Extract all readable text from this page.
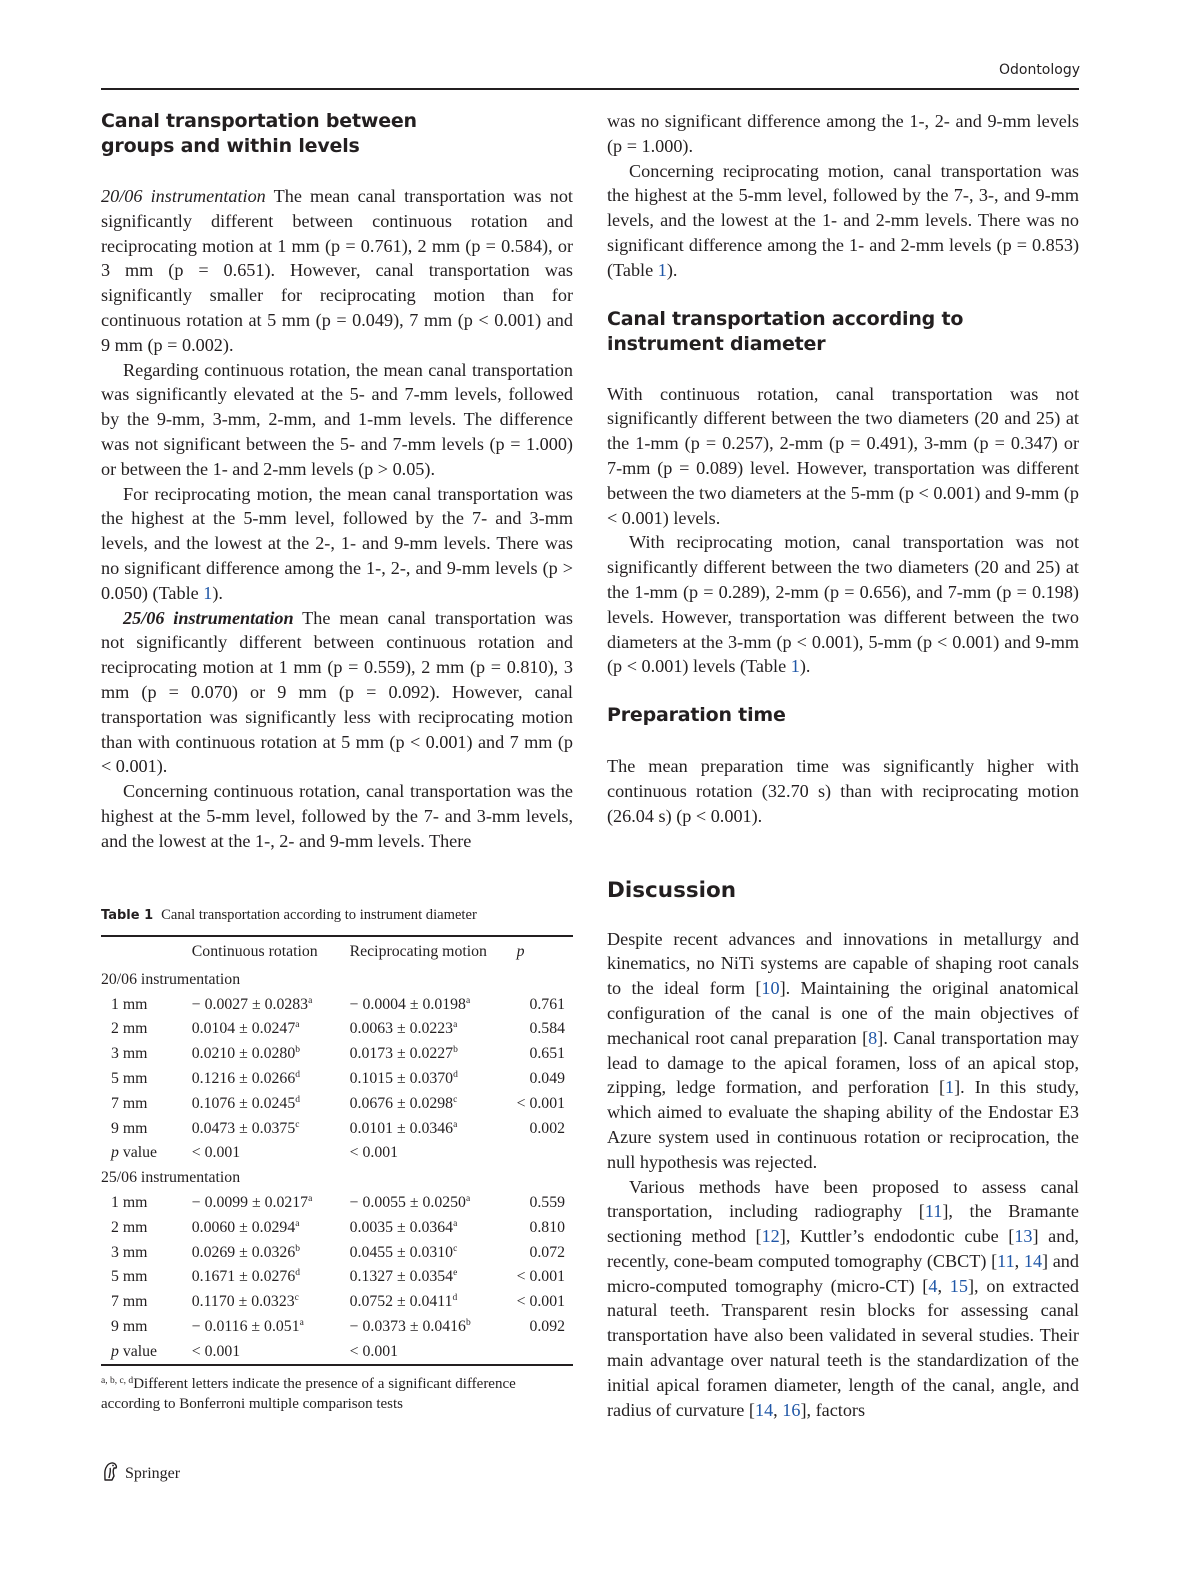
Odontology
Canal transportation between groups and within levels

20/06 instrumentation The mean canal transportation was not significantly different between continuous rotation and reciprocating motion at 1 mm (p = 0.761), 2 mm (p = 0.584), or 3 mm (p = 0.651). However, canal transportation was significantly smaller for reciprocating motion than for continuous rotation at 5 mm (p = 0.049), 7 mm (p < 0.001) and 9 mm (p = 0.002).

Regarding continuous rotation, the mean canal transportation was significantly elevated at the 5- and 7-mm levels, followed by the 9-mm, 3-mm, 2-mm, and 1-mm levels. The difference was not significant between the 5- and 7-mm levels (p = 1.000) or between the 1- and 2-mm levels (p > 0.05).

For reciprocating motion, the mean canal transportation was the highest at the 5-mm level, followed by the 7- and 3-mm levels, and the lowest at the 2-, 1- and 9-mm levels. There was no significant difference among the 1-, 2-, and 9-mm levels (p > 0.050) (Table 1).

25/06 instrumentation The mean canal transportation was not significantly different between continuous rotation and reciprocating motion at 1 mm (p = 0.559), 2 mm (p = 0.810), 3 mm (p = 0.070) or 9 mm (p = 0.092). However, canal transportation was significantly less with reciprocating motion than with continuous rotation at 5 mm (p < 0.001) and 7 mm (p < 0.001).

Concerning continuous rotation, canal transportation was the highest at the 5-mm level, followed by the 7- and 3-mm levels, and the lowest at the 1-, 2- and 9-mm levels. There

Table 1 Canal transportation according to instrument diameter
	Continuous rotation	Reciprocating motion	p
20/06 instrumentation			
1 mm	− 0.0027 ± 0.0283$^a$	− 0.0004 ± 0.0198$^a$	0.761
2 mm	0.0104 ± 0.0247$^a$	0.0063 ± 0.0223$^a$	0.584
3 mm	0.0210 ± 0.0280$^b$	0.0173 ± 0.0227$^b$	0.651
5 mm	0.1216 ± 0.0266$^d$	0.1015 ± 0.0370$^d$	0.049
7 mm	0.1076 ± 0.0245$^d$	0.0676 ± 0.0298$^c$	< 0.001
9 mm	0.0473 ± 0.0375$^c$	0.0101 ± 0.0346$^a$	0.002
p value	< 0.001	< 0.001	
25/06 instrumentation			
1 mm	− 0.0099 ± 0.0217$^a$	− 0.0055 ± 0.0250$^a$	0.559
2 mm	0.0060 ± 0.0294$^a$	0.0035 ± 0.0364$^a$	0.810
3 mm	0.0269 ± 0.0326$^b$	0.0455 ± 0.0310$^c$	0.072
5 mm	0.1671 ± 0.0276$^d$	0.1327 ± 0.0354$^e$	< 0.001
7 mm	0.1170 ± 0.0323$^c$	0.0752 ± 0.0411$^d$	< 0.001
9 mm	− 0.0116 ± 0.051$^a$	− 0.0373 ± 0.0416$^b$	0.092
p value	< 0.001	< 0.001	
$^{a, b, c, d}$Different letters indicate the presence of a significant difference according to Bonferroni multiple comparison tests

was no significant difference among the 1-, 2- and 9-mm levels (p = 1.000).

Concerning reciprocating motion, canal transportation was the highest at the 5-mm level, followed by the 7-, 3-, and 9-mm levels, and the lowest at the 1- and 2-mm levels. There was no significant difference among the 1- and 2-mm levels (p = 0.853) (Table 1).

Canal transportation according to instrument diameter

With continuous rotation, canal transportation was not significantly different between the two diameters (20 and 25) at the 1-mm (p = 0.257), 2-mm (p = 0.491), 3-mm (p = 0.347) or 7-mm (p = 0.089) level. However, transportation was different between the two diameters at the 5-mm (p < 0.001) and 9-mm (p < 0.001) levels.

With reciprocating motion, canal transportation was not significantly different between the two diameters (20 and 25) at the 1-mm (p = 0.289), 2-mm (p = 0.656), and 7-mm (p = 0.198) levels. However, transportation was different between the two diameters at the 3-mm (p < 0.001), 5-mm (p < 0.001) and 9-mm (p < 0.001) levels (Table 1).

Preparation time

The mean preparation time was significantly higher with continuous rotation (32.70 s) than with reciprocating motion (26.04 s) (p < 0.001).

Discussion

Despite recent advances and innovations in metallurgy and kinematics, no NiTi systems are capable of shaping root canals to the ideal form [10]. Maintaining the original anatomical configuration of the canal is one of the main objectives of mechanical root canal preparation [8]. Canal transportation may lead to damage to the apical foramen, loss of an apical stop, zipping, ledge formation, and perforation [1]. In this study, which aimed to evaluate the shaping ability of the Endostar E3 Azure system used in continuous rotation or reciprocation, the null hypothesis was rejected.

Various methods have been proposed to assess canal transportation, including radiography [11], the Bramante sectioning method [12], Kuttler’s endodontic cube [13] and, recently, cone-beam computed tomography (CBCT) [11, 14] and micro-computed tomography (micro-CT) [4, 15], on extracted natural teeth. Transparent resin blocks for assessing canal transportation have also been validated in several studies. Their main advantage over natural teeth is the standardization of the initial apical foramen diameter, length of the canal, angle, and radius of curvature [14, 16], factors

Springer
